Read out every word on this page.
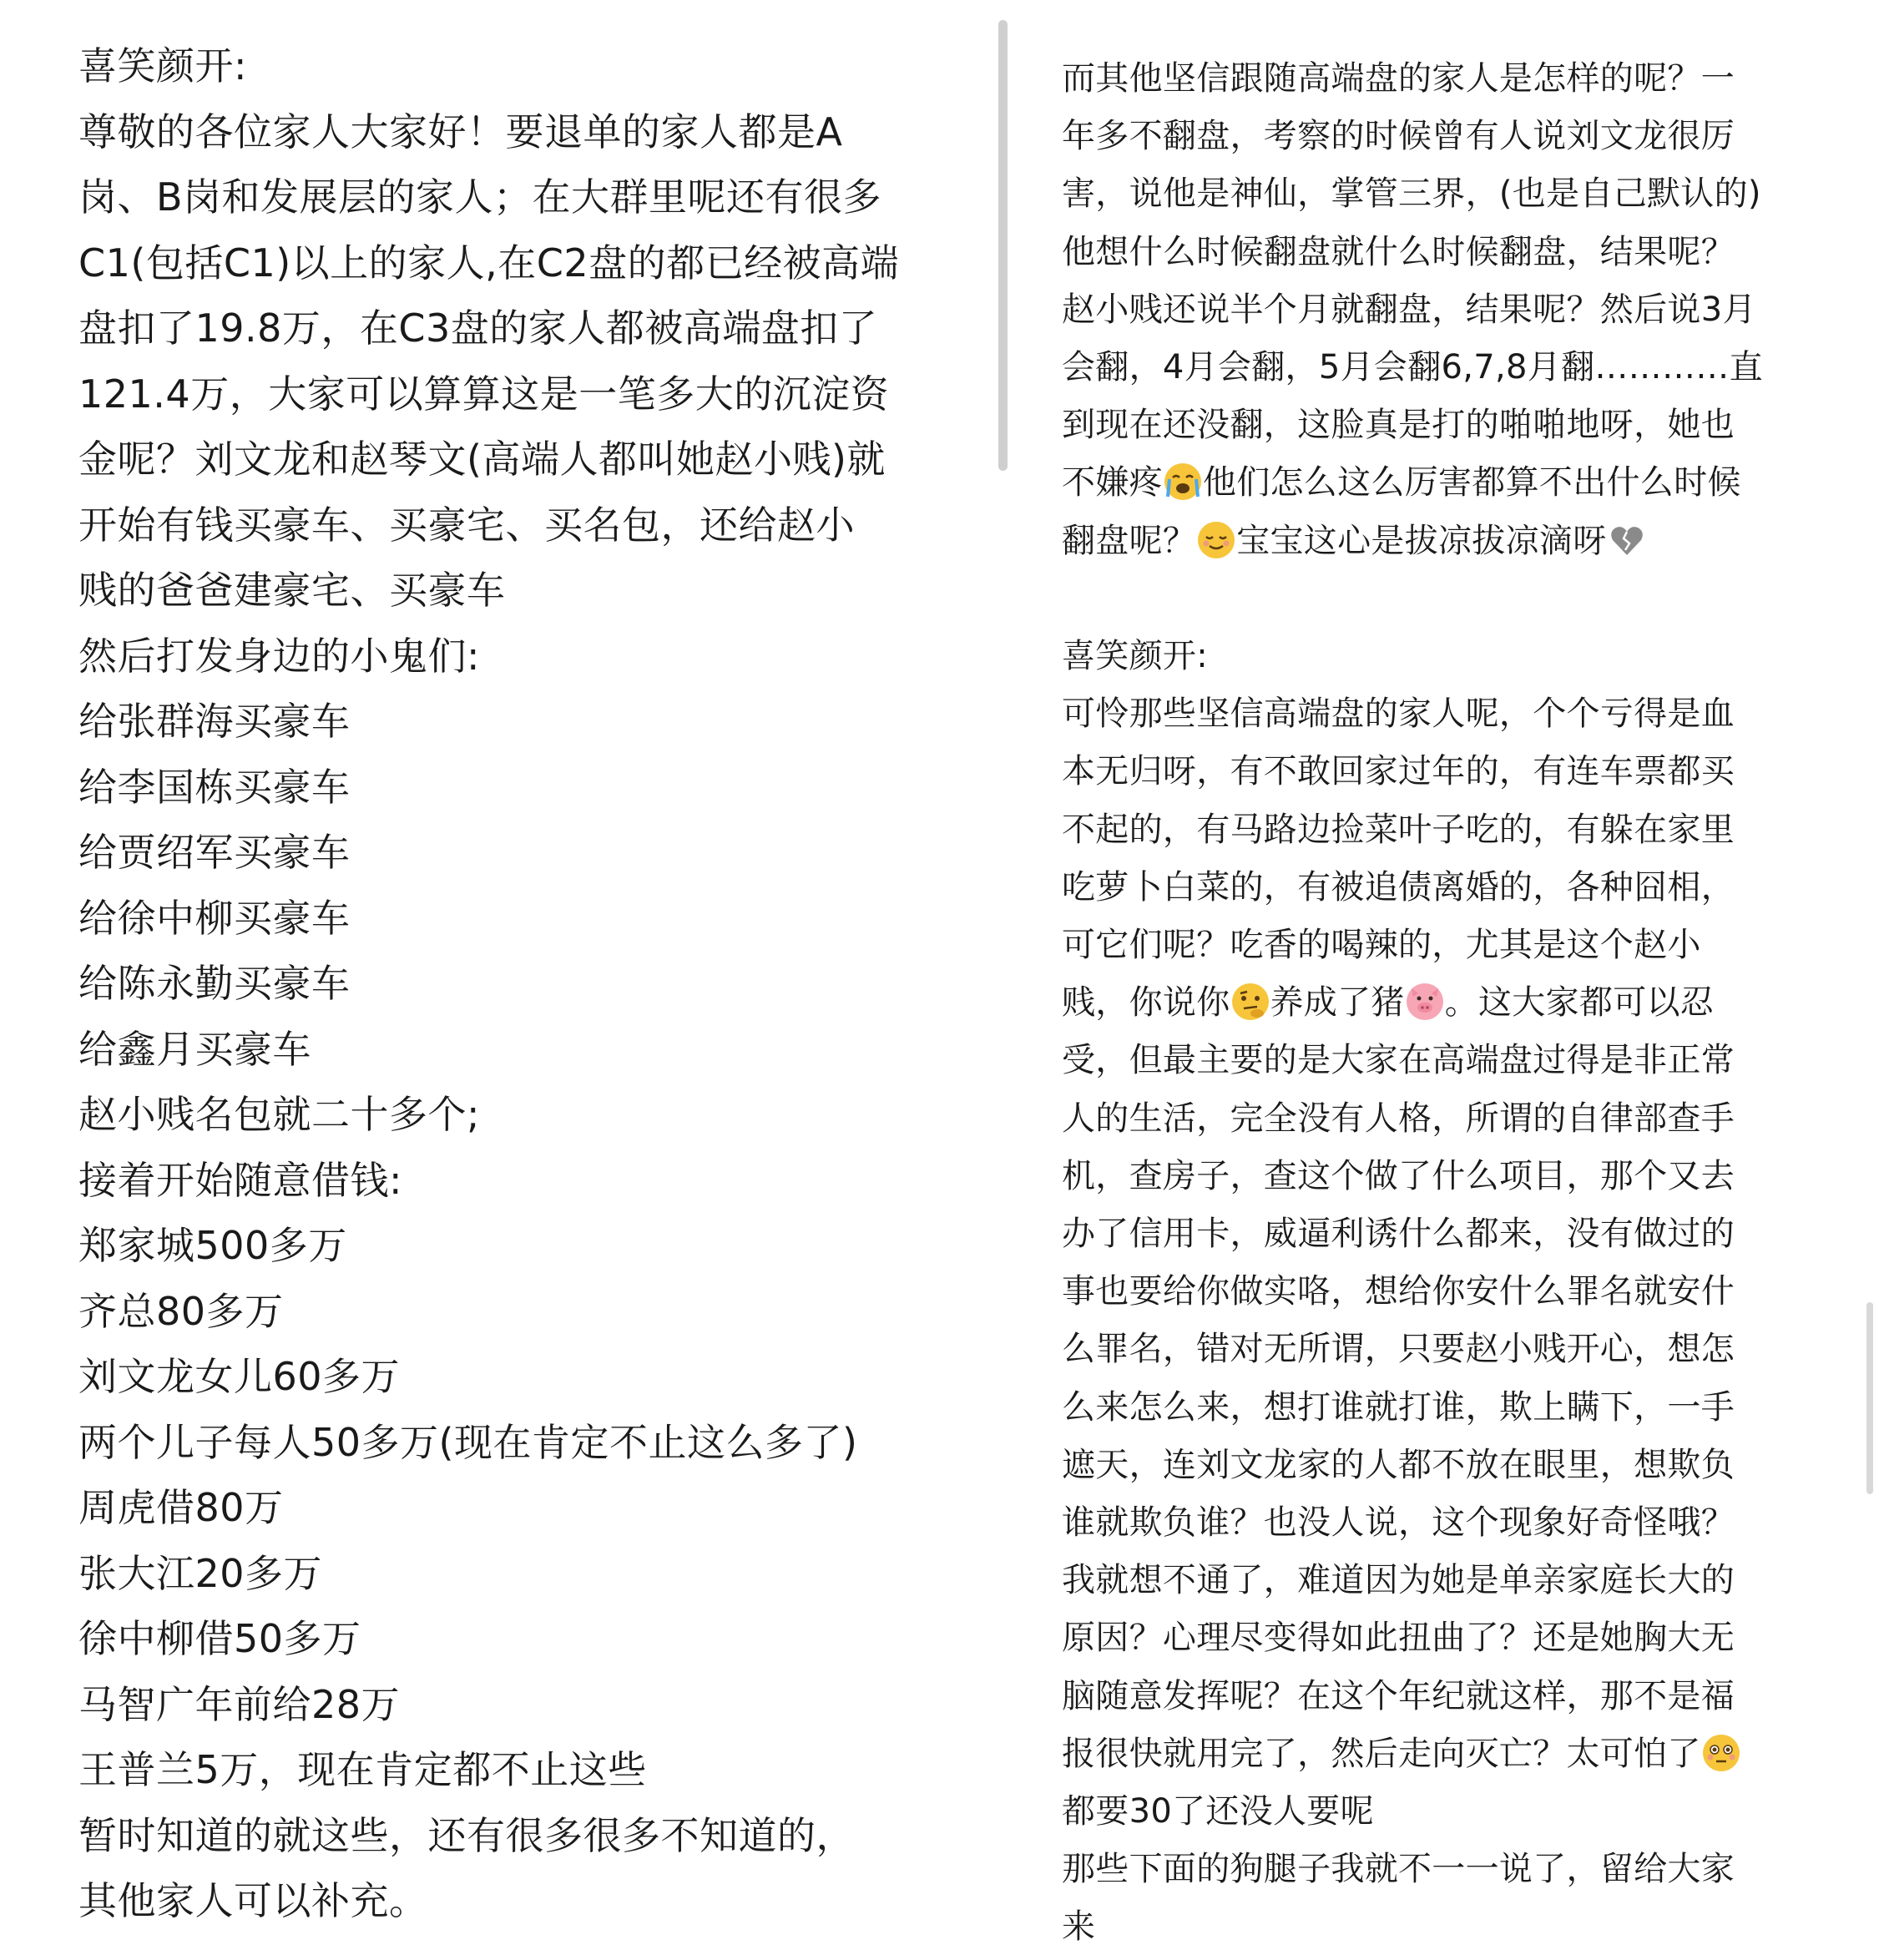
喜笑颜开:
尊敬的各位家人大家好！要退单的家人都是A
岗、B岗和发展层的家人；在大群里呢还有很多
C1(包括C1)以上的家人,在C2盘的都已经被高端
盘扣了19.8万，在C3盘的家人都被高端盘扣了
121.4万，大家可以算算这是一笔多大的沉淀资
金呢？刘文龙和赵琴文(高端人都叫她赵小贱)就
开始有钱买豪车、买豪宅、买名包，还给赵小
贱的爸爸建豪宅、买豪车
然后打发身边的小鬼们:
给张群海买豪车
给李国栋买豪车
给贾绍军买豪车
给徐中柳买豪车
给陈永勤买豪车
给鑫月买豪车
赵小贱名包就二十多个;
接着开始随意借钱:
郑家城500多万
齐总80多万
刘文龙女儿60多万
两个儿子每人50多万(现在肯定不止这么多了)
周虎借80万
张大江20多万
徐中柳借50多万
马智广年前给28万
王普兰5万，现在肯定都不止这些
暂时知道的就这些，还有很多很多不知道的，
其他家人可以补充。
而其他坚信跟随高端盘的家人是怎样的呢？一
年多不翻盘，考察的时候曾有人说刘文龙很厉
害，说他是神仙，掌管三界，(也是自己默认的)
他想什么时候翻盘就什么时候翻盘，结果呢？
赵小贱还说半个月就翻盘，结果呢？然后说3月
会翻，4月会翻，5月会翻6,7,8月翻…………直
到现在还没翻，这脸真是打的啪啪地呀，她也
不嫌疼 他们怎么这么厉害都算不出什么时候
翻盘呢？ 宝宝这心是拔凉拔凉滴呀
喜笑颜开:
可怜那些坚信高端盘的家人呢，个个亏得是血
本无归呀，有不敢回家过年的，有连车票都买
不起的，有马路边捡菜叶子吃的，有躲在家里
吃萝卜白菜的，有被追债离婚的，各种囧相，
可它们呢？吃香的喝辣的，尤其是这个赵小
贱，你说你 养成了猪 。这大家都可以忍
受，但最主要的是大家在高端盘过得是非正常
人的生活，完全没有人格，所谓的自律部查手
机，查房子，查这个做了什么项目，那个又去
办了信用卡，威逼利诱什么都来，没有做过的
事也要给你做实咯，想给你安什么罪名就安什
么罪名，错对无所谓，只要赵小贱开心，想怎
么来怎么来，想打谁就打谁，欺上瞒下，一手
遮天，连刘文龙家的人都不放在眼里，想欺负
谁就欺负谁？也没人说，这个现象好奇怪哦？
我就想不通了，难道因为她是单亲家庭长大的
原因？心理尽变得如此扭曲了？还是她胸大无
脑随意发挥呢？在这个年纪就这样，那不是福
报很快就用完了，然后走向灭亡？太可怕了
都要30了还没人要呢
那些下面的狗腿子我就不一一说了，留给大家
来
